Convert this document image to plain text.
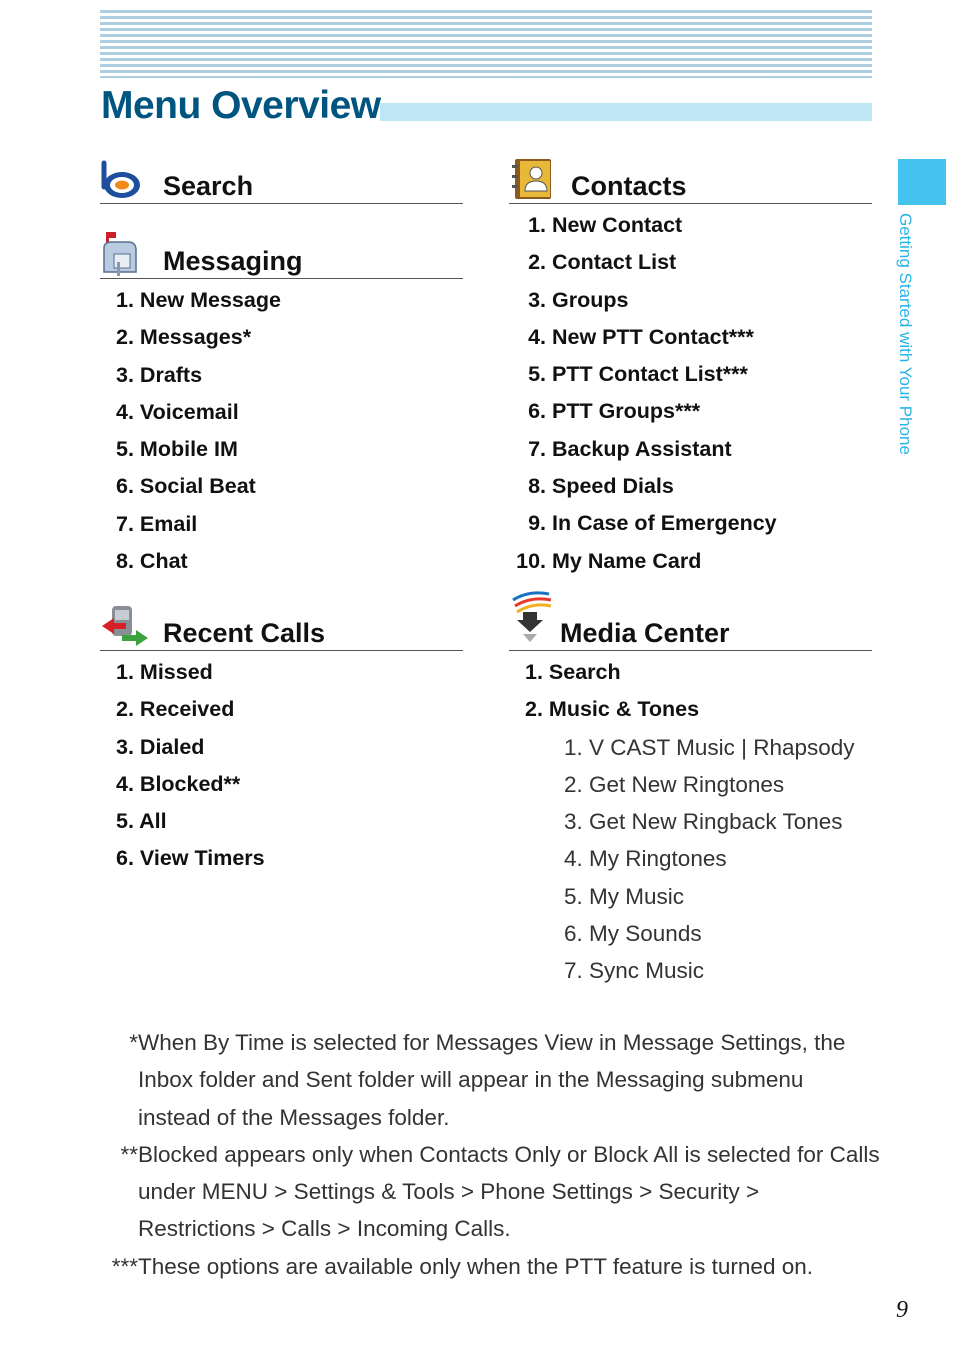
Menu Overview
Getting Started with Your Phone
Search
Messaging
1. New Message
2. Messages*
3. Drafts
4. Voicemail
5. Mobile IM
6. Social Beat
7. Email
8. Chat
Recent Calls
1. Missed
2. Received
3. Dialed
4. Blocked**
5. All
6. View Timers
Contacts
1. New Contact
2. Contact List
3. Groups
4. New PTT Contact***
5. PTT Contact List***
6. PTT Groups***
7. Backup Assistant
8. Speed Dials
9. In Case of Emergency
10. My Name Card
Media Center
1. Search
2. Music & Tones
1. V CAST Music | Rhapsody
2. Get New Ringtones
3. Get New Ringback Tones
4. My Ringtones
5. My Music
6. My Sounds
7. Sync Music
* When By Time is selected for Messages View in Message Settings, the Inbox folder and Sent folder will appear in the Messaging submenu instead of the Messages folder.
** Blocked appears only when Contacts Only or Block All is selected for Calls under MENU > Settings & Tools > Phone Settings > Security > Restrictions > Calls > Incoming Calls.
*** These options are available only when the PTT feature is turned on.
9
